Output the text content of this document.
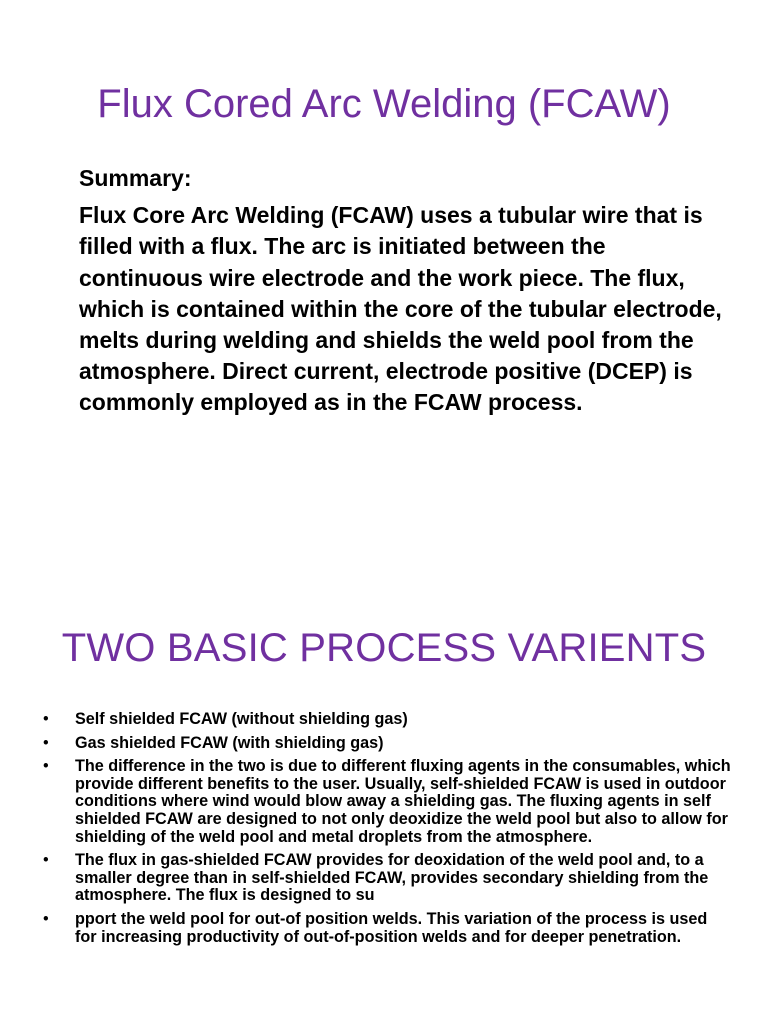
Flux Cored Arc Welding (FCAW)
Summary:

Flux Core Arc Welding (FCAW) uses a tubular wire that is filled with a flux. The arc is initiated between the continuous wire electrode and the work piece. The flux, which is contained within the core of the tubular electrode, melts during welding and shields the weld pool from the atmosphere. Direct current, electrode positive (DCEP) is commonly employed as in the FCAW process.

TWO BASIC PROCESS VARIENTS
• Self shielded FCAW (without shielding gas)
• Gas shielded FCAW (with shielding gas)
• The difference in the two is due to different fluxing agents in the consumables, which provide different benefits to the user. Usually, self-shielded FCAW is used in outdoor conditions where wind would blow away a shielding gas. The fluxing agents in self shielded FCAW are designed to not only deoxidize the weld pool but also to allow for shielding of the weld pool and metal droplets from the atmosphere.
• The flux in gas-shielded FCAW provides for deoxidation of the weld pool and, to a smaller degree than in self-shielded FCAW, provides secondary shielding from the atmosphere. The flux is designed to su
• pport the weld pool for out-of position welds. This variation of the process is used for increasing productivity of out-of-position welds and for deeper penetration.
